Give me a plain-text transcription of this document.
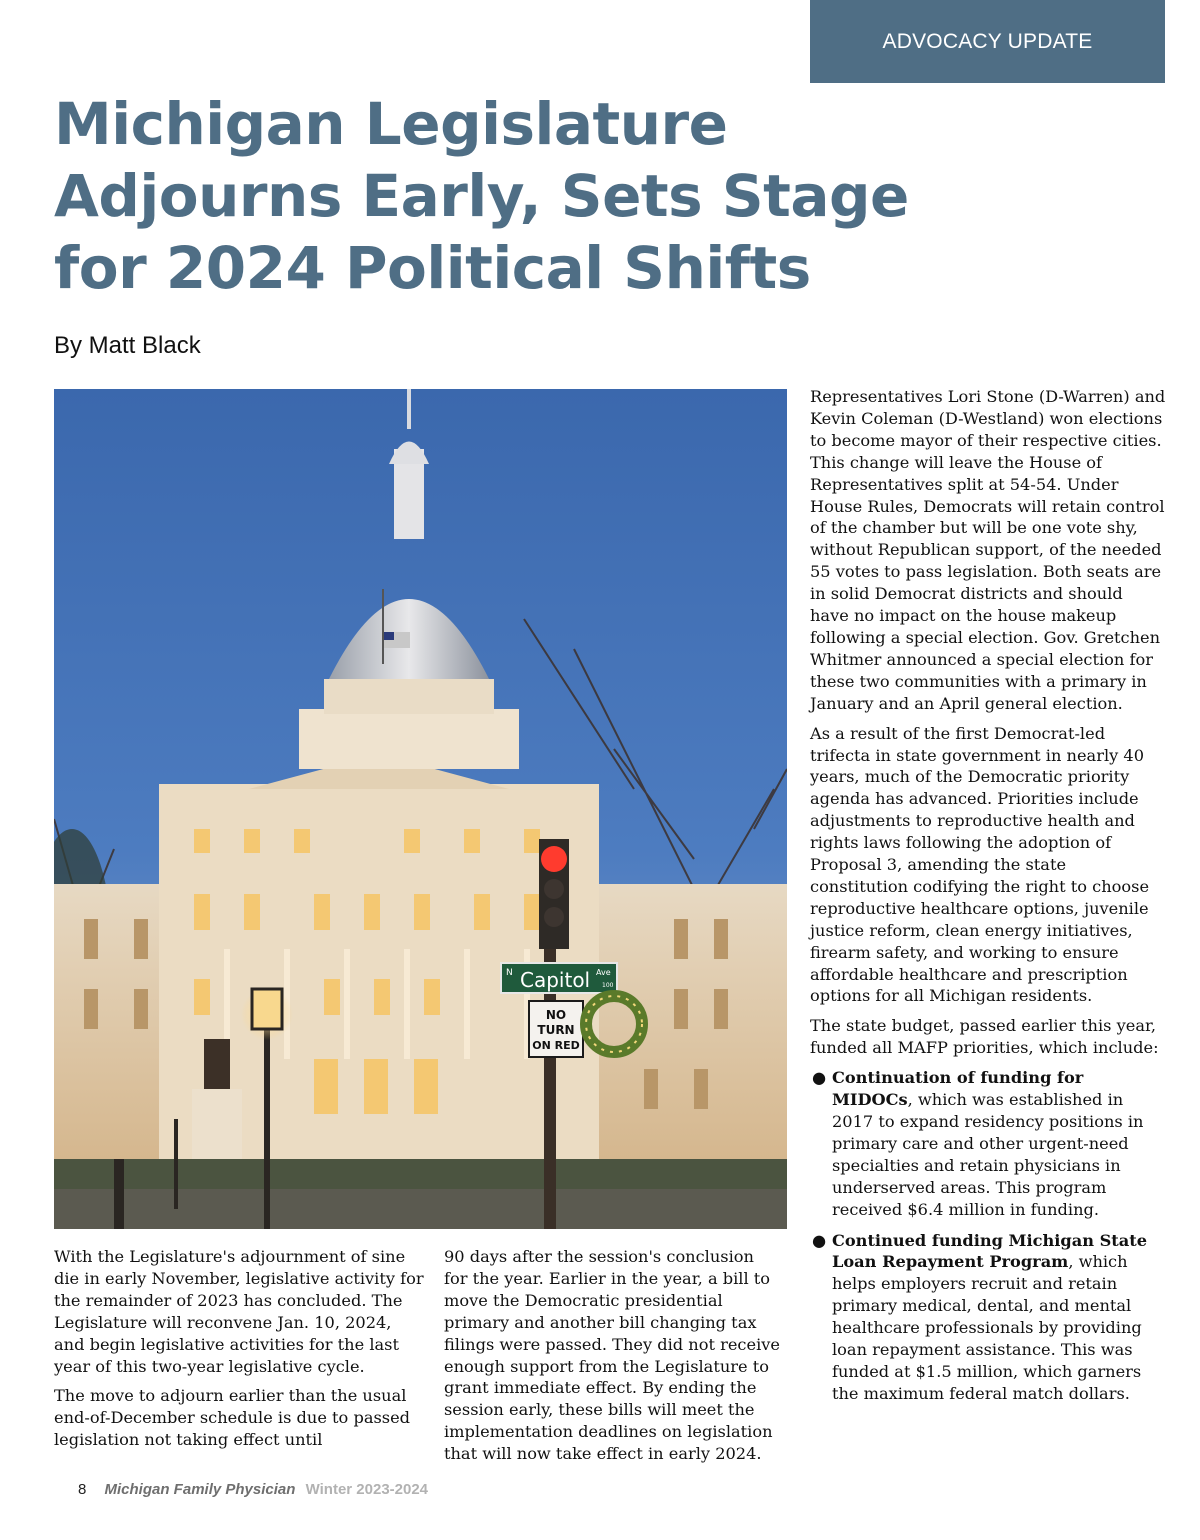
ADVOCACY UPDATE
Michigan Legislature Adjourns Early, Sets Stage for 2024 Political Shifts
By Matt Black
N Capitol Ave
100
NO
TURN
ON RED

With the Legislature's adjournment of sine die in early November, legislative activity for the remainder of 2023 has concluded. The Legislature will reconvene Jan. 10, 2024, and begin legislative activities for the last year of this two-year legislative cycle.

The move to adjourn earlier than the usual end-of-December schedule is due to passed legislation not taking effect until

90 days after the session's conclusion for the year. Earlier in the year, a bill to move the Democratic presidential primary and another bill changing tax filings were passed. They did not receive enough support from the Legislature to grant immediate effect. By ending the session early, these bills will meet the implementation deadlines on legislation that will now take effect in early 2024.

Representatives Lori Stone (D-Warren) and Kevin Coleman (D-Westland) won elections to become mayor of their respective cities. This change will leave the House of Representatives split at 54-54. Under House Rules, Democrats will retain control of the chamber but will be one vote shy, without Republican support, of the needed 55 votes to pass legislation. Both seats are in solid Democrat districts and should have no impact on the house makeup following a special election. Gov. Gretchen Whitmer announced a special election for these two communities with a primary in January and an April general election.

As a result of the first Democrat-led trifecta in state government in nearly 40 years, much of the Democratic priority agenda has advanced. Priorities include adjustments to reproductive health and rights laws following the adoption of Proposal 3, amending the state constitution codifying the right to choose reproductive healthcare options, juvenile justice reform, clean energy initiatives, firearm safety, and working to ensure affordable healthcare and prescription options for all Michigan residents.

The state budget, passed earlier this year, funded all MAFP priorities, which include:

● Continuation of funding for MIDOCs, which was established in 2017 to expand residency positions in primary care and other urgent-need specialties and retain physicians in underserved areas. This program received $6.4 million in funding.
● Continued funding Michigan State Loan Repayment Program, which helps employers recruit and retain primary medical, dental, and mental healthcare professionals by providing loan repayment assistance. This was funded at $1.5 million, which garners the maximum federal match dollars.
8 Michigan Family Physician Winter 2023-2024
